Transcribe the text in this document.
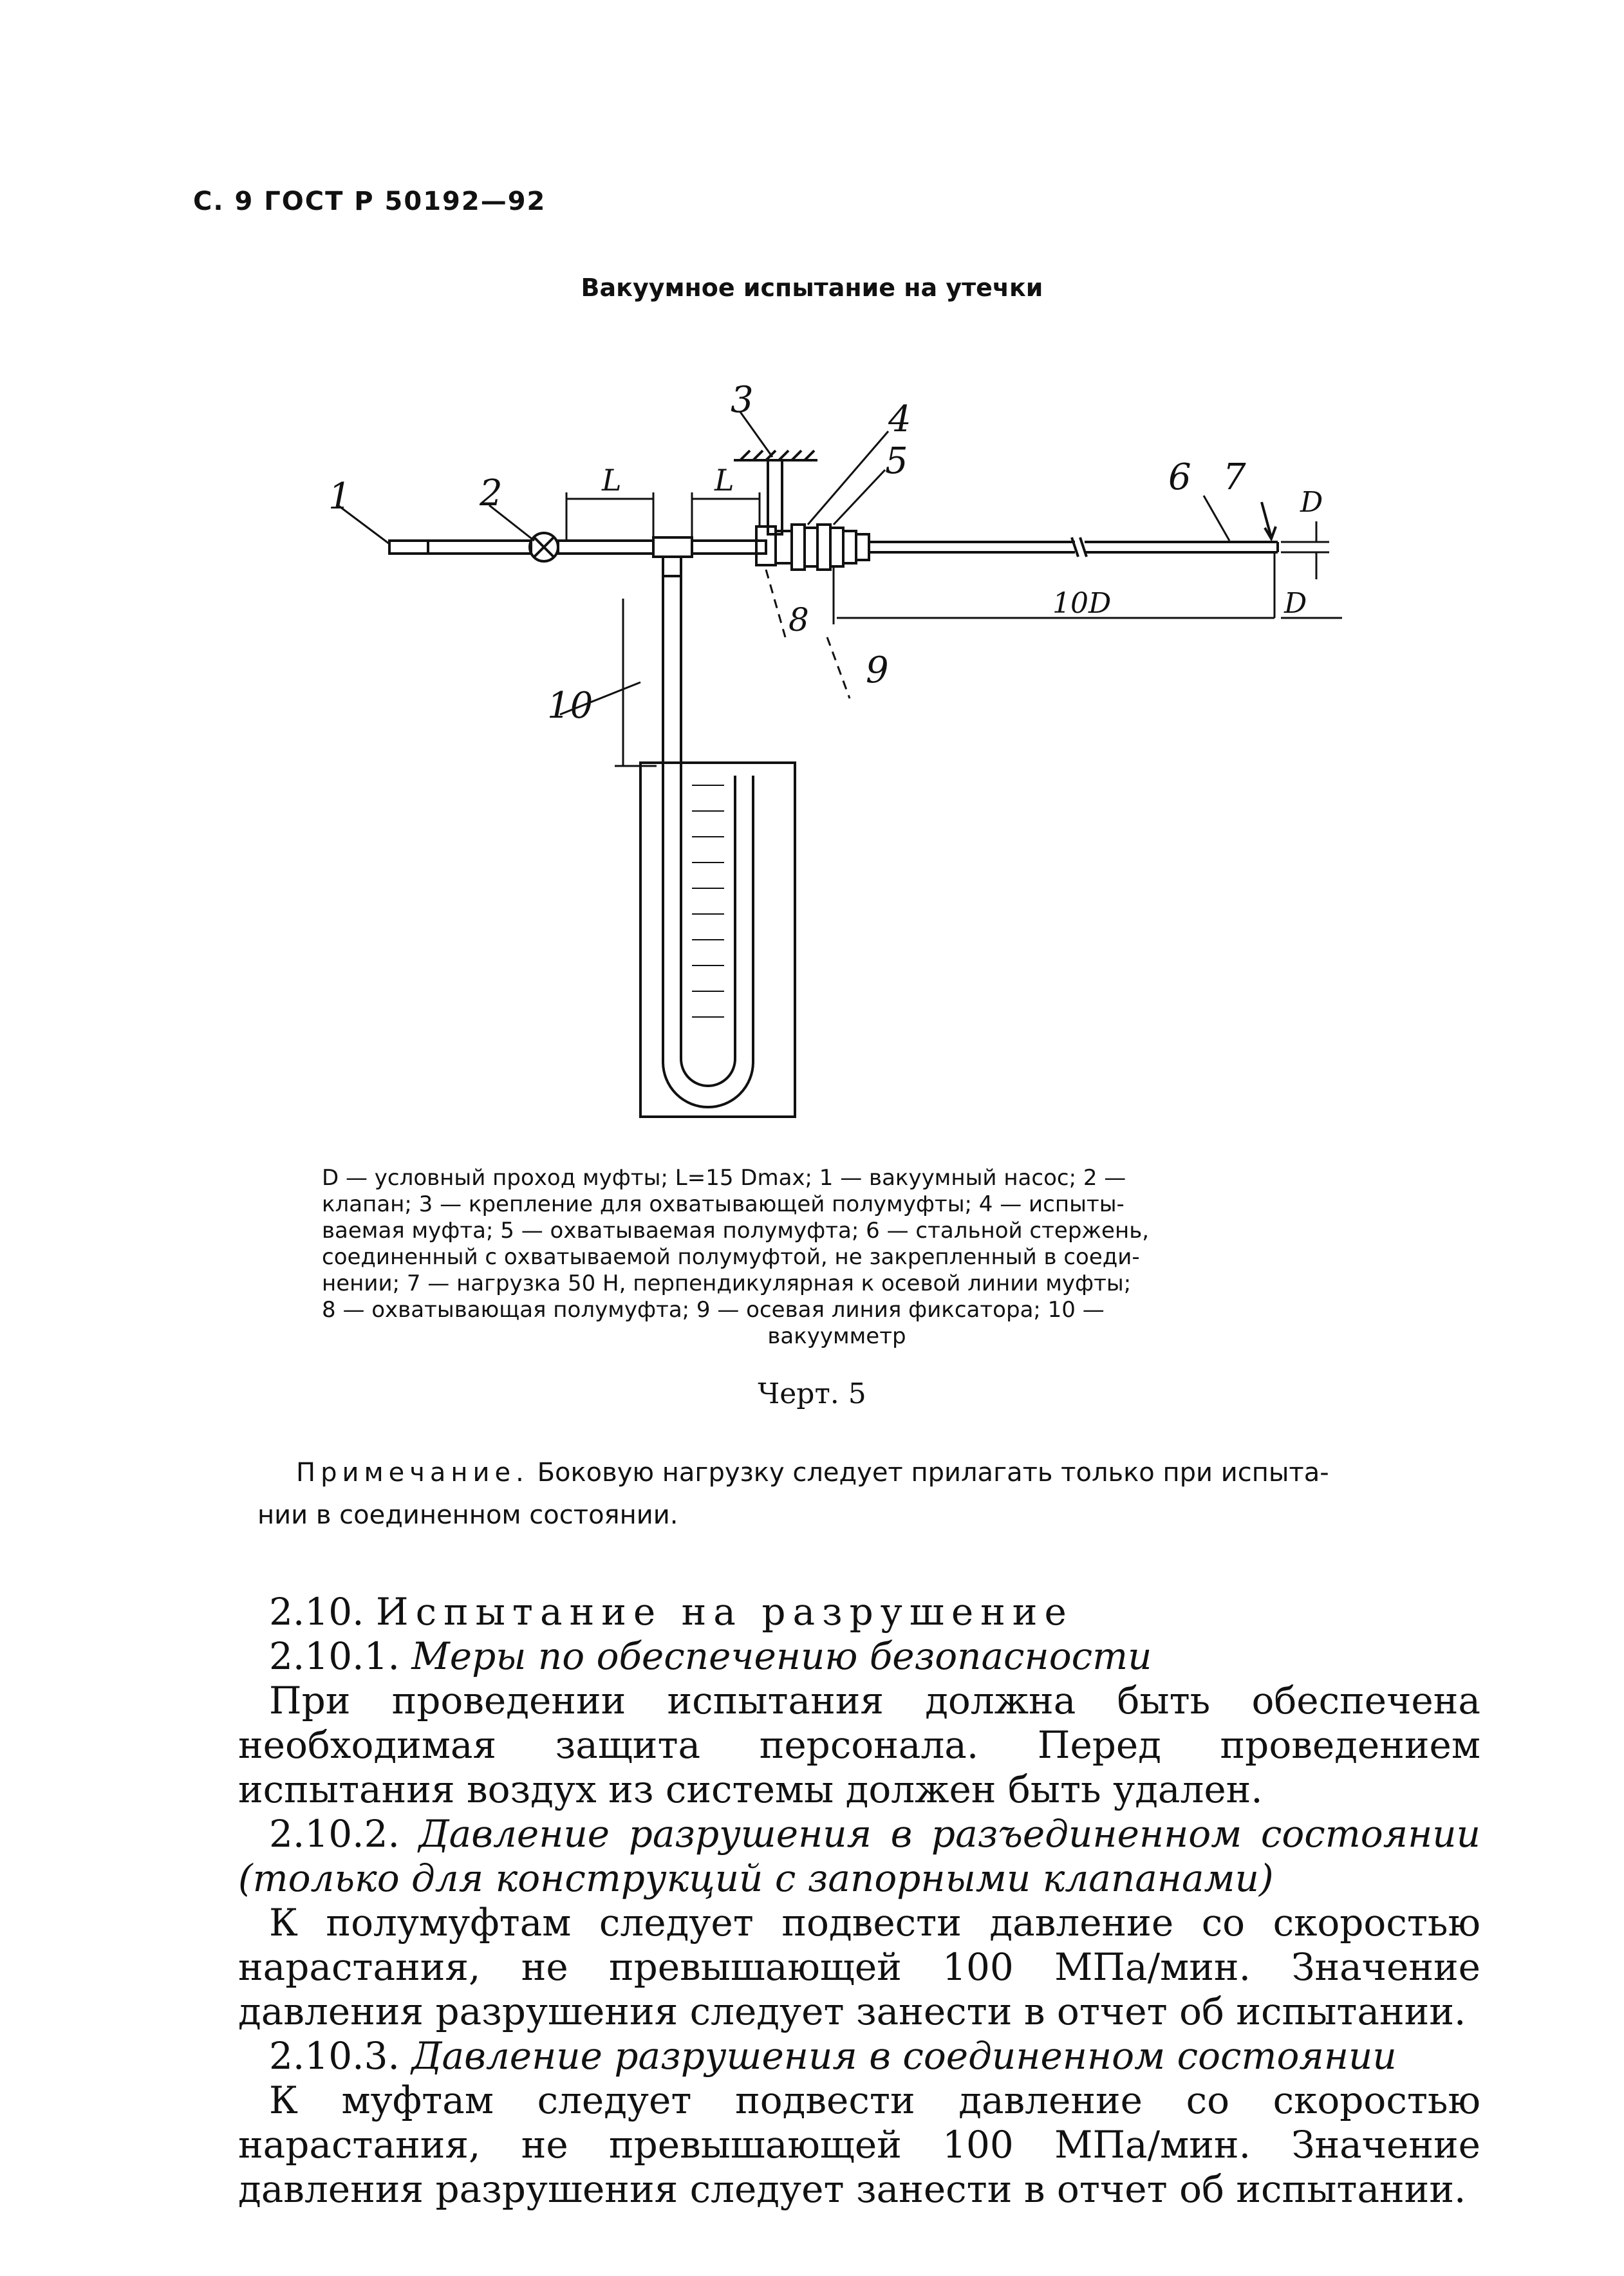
С. 9 ГОСТ Р 50192—92
Вакуумное испытание на утечки
1	2
3	4
5	6 7
8
9
10
L	L
10D	D
D
D — условный проход муфты; L=15 Dmax; 1 — вакуумный насос; 2 —
клапан; 3 — крепление для охватывающей полумуфты; 4 — испыты-
ваемая муфта; 5 — охватываемая полумуфта; 6 — стальной стержень,
соединенный с охватываемой полумуфтой, не закрепленный в соеди-
нении; 7 — нагрузка 50 Н, перпендикулярная к осевой линии муфты;
8 — охватывающая полумуфта; 9 — осевая линия фиксатора; 10 —
вакуумметр
Черт. 5
Примечание. Боковую нагрузку следует прилагать только при испыта-
нии в соединенном состоянии.

2.10. Испытание на разрушение

2.10.1. Меры по обеспечению безопасности

При проведении испытания должна быть обеспечена необходимая защита персонала. Перед проведением испытания воздух из системы должен быть удален.

2.10.2. Давление разрушения в разъединенном состоянии (только для конструкций с запорными клапанами)

К полумуфтам следует подвести давление со скоростью нарастания, не превышающей 100 МПа/мин. Значение давления разрушения следует занести в отчет об испытании.

2.10.3. Давление разрушения в соединенном состоянии

К муфтам следует подвести давление со скоростью нарастания, не превышающей 100 МПа/мин. Значение давления разрушения следует занести в отчет об испытании.
